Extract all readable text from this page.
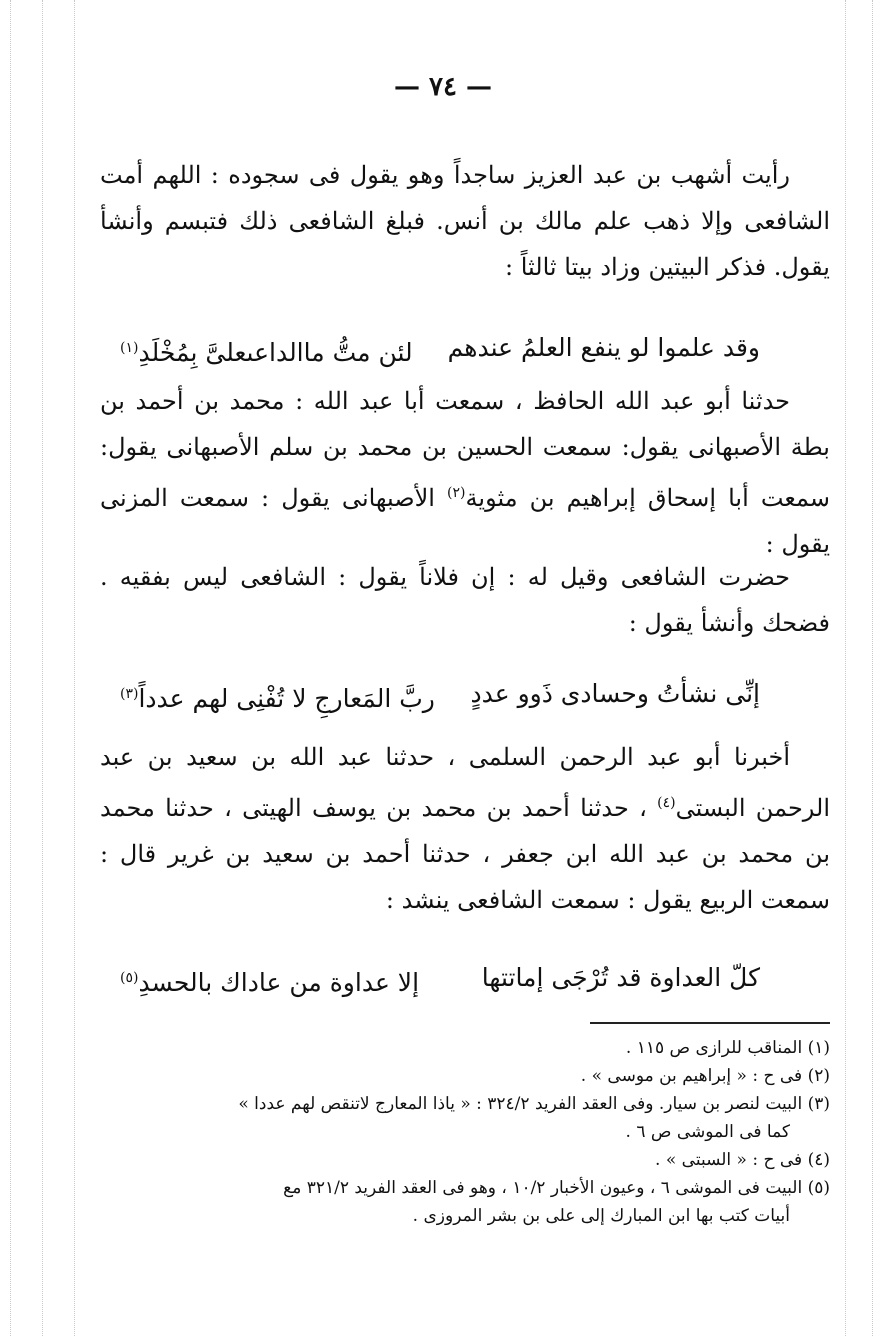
— ٧٤ —

رأيت أشهب بن عبد العزيز ساجداً وهو يقول فى سجوده : اللهم أمت الشافعى وإلا ذهب علم مالك بن أنس. فبلغ الشافعى ذلك فتبسم وأنشأ يقول. فذكر البيتين وزاد بيتا ثالثاً :

وقد علموا لو ينفع العلمُ عندهم
لئن متُّ ماالداعىعلىَّ بِمُخْلَدِ$^{(١)}$

حدثنا أبو عبد الله الحافظ ، سمعت أبا عبد الله : محمد بن أحمد بن بطة الأصبهانى يقول: سمعت الحسين بن محمد بن سلم الأصبهانى يقول: سمعت أبا إسحاق إبراهيم بن مثوية$^{(٢)}$ الأصبهانى يقول : سمعت المزنى يقول :

حضرت الشافعى وقيل له : إن فلاناً يقول : الشافعى ليس بفقيه . فضحك وأنشأ يقول :

إنِّى نشأتُ وحسادى ذَوو عددٍ
ربَّ المَعارجِ لا تُفْنِى لهم عدداً$^{(٣)}$

أخبرنا أبو عبد الرحمن السلمى ، حدثنا عبد الله بن سعيد بن عبد الرحمن البستى$^{(٤)}$ ، حدثنا أحمد بن محمد بن يوسف الهيتى ، حدثنا محمد بن محمد بن عبد الله ابن جعفر ، حدثنا أحمد بن سعيد بن غرير قال : سمعت الربيع يقول : سمعت الشافعى ينشد :

كلّ العداوة قد تُرْجَى إماتتها
إلا عداوة من عاداك بالحسدِ$^{(٥)}$
(١) المناقب للرازى ص ١١٥ .
(٢) فى ح : « إبراهيم بن موسى » .
(٣) البيت لنصر بن سيار. وفى العقد الفريد ٣٢٤/٢ : « ياذا المعارج لاتنقص لهم عددا »
كما فى الموشى ص ٦ .
(٤) فى ح : « السبتى » .
(٥) البيت فى الموشى ٦ ، وعيون الأخبار ١٠/٢ ، وهو فى العقد الفريد ٣٢١/٢ مع
أبيات كتب بها ابن المبارك إلى على بن بشر المروزى .
